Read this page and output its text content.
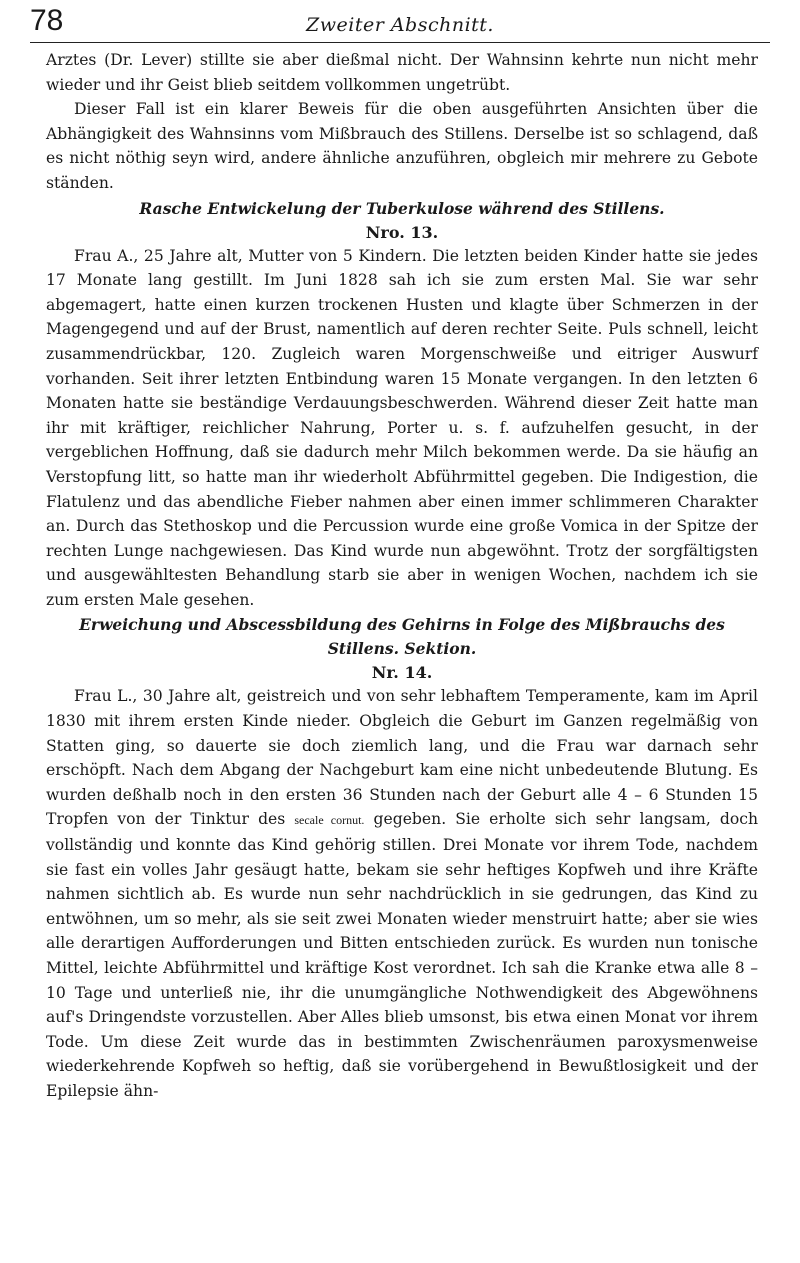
78	Zweiter Abschnitt.

Arztes (Dr. Lever) stillte sie aber dießmal nicht. Der Wahnsinn kehrte nun nicht mehr wieder und ihr Geist blieb seitdem vollkommen ungetrübt.

Dieser Fall ist ein klarer Beweis für die oben ausgeführten Ansichten über die Abhängigkeit des Wahnsinns vom Mißbrauch des Stillens. Derselbe ist so schlagend, daß es nicht nöthig seyn wird, andere ähnliche anzuführen, obgleich mir mehrere zu Gebote ständen.

Rasche Entwickelung der Tuberkulose während des Stillens.
Nro. 13.

Frau A., 25 Jahre alt, Mutter von 5 Kindern. Die letzten beiden Kinder hatte sie jedes 17 Monate lang gestillt. Im Juni 1828 sah ich sie zum ersten Mal. Sie war sehr abgemagert, hatte einen kurzen trockenen Husten und klagte über Schmerzen in der Magengegend und auf der Brust, namentlich auf deren rechter Seite. Puls schnell, leicht zusammendrückbar, 120. Zugleich waren Morgenschweiße und eitriger Auswurf vorhanden. Seit ihrer letzten Entbindung waren 15 Monate vergangen. In den letzten 6 Monaten hatte sie beständige Verdauungsbeschwerden. Während dieser Zeit hatte man ihr mit kräftiger, reichlicher Nahrung, Porter u. s. f. aufzuhelfen gesucht, in der vergeblichen Hoffnung, daß sie dadurch mehr Milch bekommen werde. Da sie häufig an Verstopfung litt, so hatte man ihr wiederholt Abführmittel gegeben. Die Indigestion, die Flatulenz und das abendliche Fieber nahmen aber einen immer schlimmeren Charakter an. Durch das Stethoskop und die Percussion wurde eine große Vomica in der Spitze der rechten Lunge nachgewiesen. Das Kind wurde nun abgewöhnt. Trotz der sorgfältigsten und ausgewähltesten Behandlung starb sie aber in wenigen Wochen, nachdem ich sie zum ersten Male gesehen.

Erweichung und Abscessbildung des Gehirns in Folge des Mißbrauchs des Stillens. Sektion.
Nr. 14.

Frau L., 30 Jahre alt, geistreich und von sehr lebhaftem Temperamente, kam im April 1830 mit ihrem ersten Kinde nieder. Obgleich die Geburt im Ganzen regelmäßig von Statten ging, so dauerte sie doch ziemlich lang, und die Frau war darnach sehr erschöpft. Nach dem Abgang der Nachgeburt kam eine nicht unbedeutende Blutung. Es wurden deßhalb noch in den ersten 36 Stunden nach der Geburt alle 4 – 6 Stunden 15 Tropfen von der Tinktur des secale cornut. gegeben. Sie erholte sich sehr langsam, doch vollständig und konnte das Kind gehörig stillen. Drei Monate vor ihrem Tode, nachdem sie fast ein volles Jahr gesäugt hatte, bekam sie sehr heftiges Kopfweh und ihre Kräfte nahmen sichtlich ab. Es wurde nun sehr nachdrücklich in sie gedrungen, das Kind zu entwöhnen, um so mehr, als sie seit zwei Monaten wieder menstruirt hatte; aber sie wies alle derartigen Aufforderungen und Bitten entschieden zurück. Es wurden nun tonische Mittel, leichte Abführmittel und kräftige Kost verordnet. Ich sah die Kranke etwa alle 8 – 10 Tage und unterließ nie, ihr die unumgängliche Nothwendigkeit des Abgewöhnens auf's Dringendste vorzustellen. Aber Alles blieb umsonst, bis etwa einen Monat vor ihrem Tode. Um diese Zeit wurde das in bestimmten Zwischenräumen paroxysmenweise wiederkehrende Kopfweh so heftig, daß sie vorübergehend in Bewußtlosigkeit und der Epilepsie ähn-
